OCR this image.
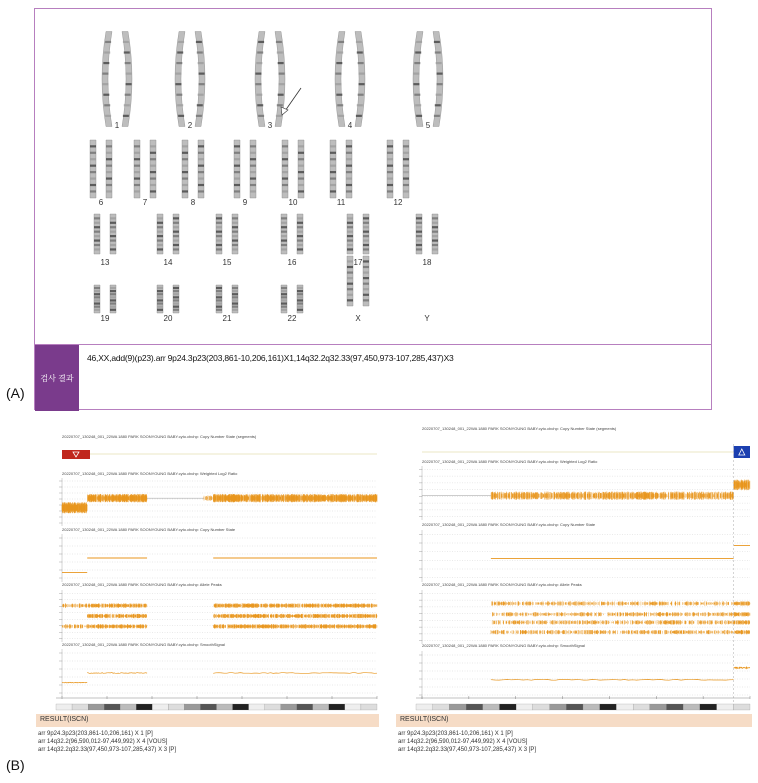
(A)
(B)
1	2	3	4	5
6	7	8	9	10	11	12
13	14	15	16	17	18
19	20	21	22	X	Y
검사 결과
46,XX,add(9)(p23).arr 9p24.3p23(203,861-10,206,161)X1,14q32.2q32.33(97,450,973-107,285,437)X3
20220707_130248_001_22WA 1880 PARK SOONYOUNG BABY.cyto.cbchp: Copy Number State (segments)
20220707_130248_001_22WA 1880 PARK SOONYOUNG BABY.cyto.cbchp: Weighted Log2 Ratio
20220707_130248_001_22WA 1880 PARK SOONYOUNG BABY.cyto.cbchp: Copy Number State
20220707_130248_001_22WA 1880 PARK SOONYOUNG BABY.cyto.cbchp: Allele Peaks
20220707_130248_001_22WA 1880 PARK SOONYOUNG BABY.cyto.cbchp: SmoothSignal
RESULT(ISCN)
arr 9p24.3p23(203,861-10,206,161) X 1 [P]
arr 14q32.2(96,590,012-97,449,992) X 4 [VOUS]
arr 14q32.2q32.33(97,450,973-107,285,437) X 3 [P]
20220707_130248_001_22WA 1880 PARK SOONYOUNG BABY.cyto.cbchp: Copy Number State (segments)
20220707_130248_001_22WA 1880 PARK SOONYOUNG BABY.cyto.cbchp: Weighted Log2 Ratio
20220707_130248_001_22WA 1880 PARK SOONYOUNG BABY.cyto.cbchp: Copy Number State
20220707_130248_001_22WA 1880 PARK SOONYOUNG BABY.cyto.cbchp: Allele Peaks
20220707_130248_001_22WA 1880 PARK SOONYOUNG BABY.cyto.cbchp: SmoothSignal
RESULT(ISCN)
arr 9p24.3p23(203,861-10,206,161) X 1 [P]
arr 14q32.2(96,590,012-97,449,992) X 4 [VOUS]
arr 14q32.2q32.33(97,450,973-107,285,437) X 3 [P]
